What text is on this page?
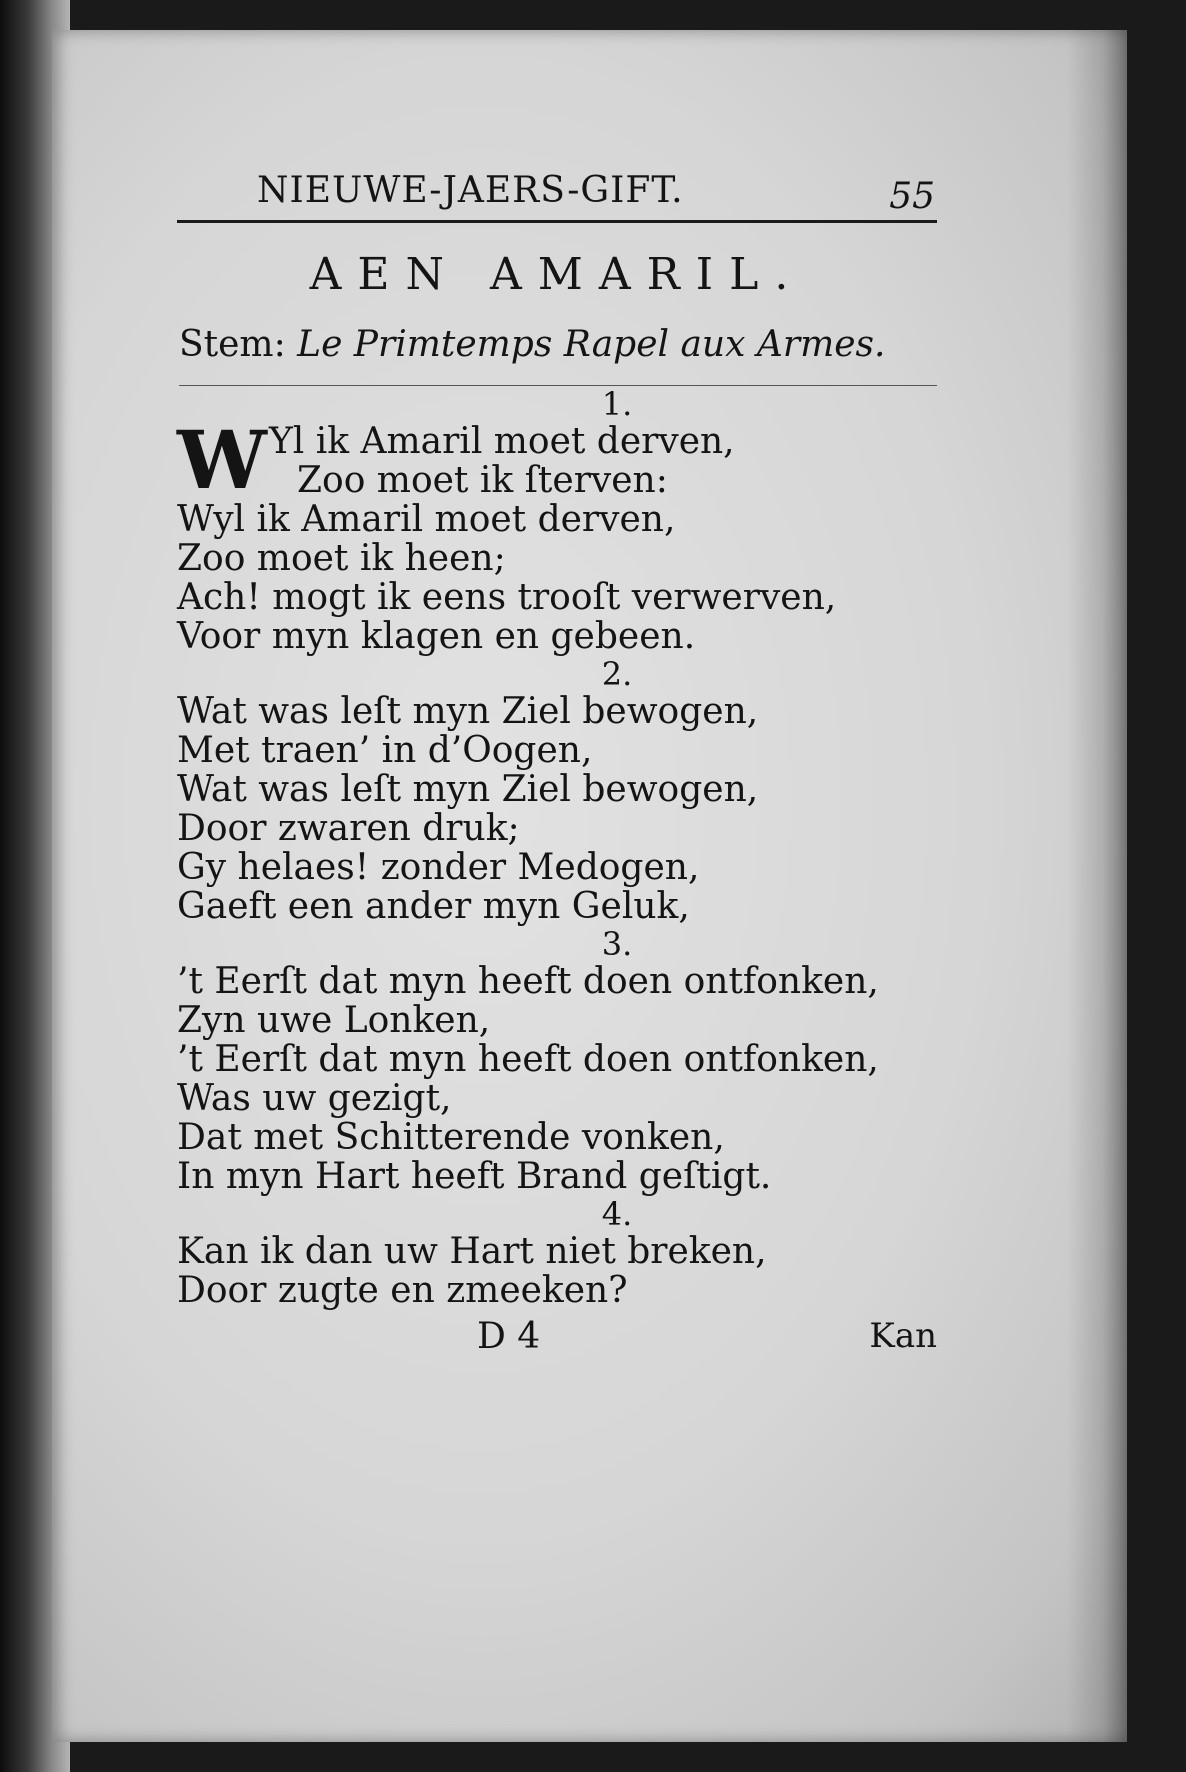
NIEUWE-JAERS-GIFT.	55
AEN AMARIL.
Stem: Le Primtemps Rapel aux Armes.
1.
W Yl ik Amaril moet derven,
Zoo moet ik ſterven:
Wyl ik Amaril moet derven,
Zoo moet ik heen;
Ach! mogt ik eens trooſt verwerven,
Voor myn klagen en gebeen.
2.
Wat was leſt myn Ziel bewogen,
Met traen’ in d’Oogen,
Wat was leſt myn Ziel bewogen,
Door zwaren druk;
Gy helaes! zonder Medogen,
Gaeft een ander myn Geluk,
3.
’t Eerſt dat myn heeft doen ontfonken,
Zyn uwe Lonken,
’t Eerſt dat myn heeft doen ontfonken,
Was uw gezigt,
Dat met Schitterende vonken,
In myn Hart heeft Brand geſtigt.
4.
Kan ik dan uw Hart niet breken,
Door zugte en zmeeken?
D 4	Kan
